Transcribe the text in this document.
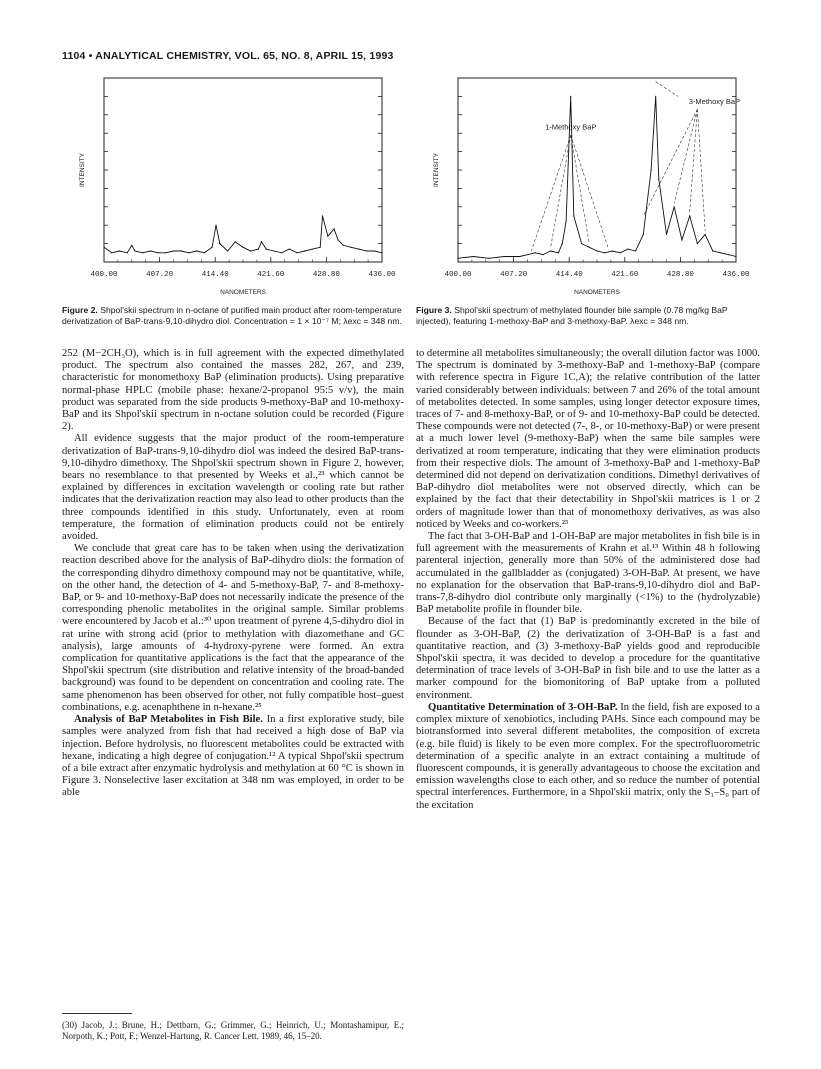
1104 • ANALYTICAL CHEMISTRY, VOL. 65, NO. 8, APRIL 15, 1993
400.00	407.20	414.40	421.60	428.80	436.00
NANOMETERS
INTENSITY
Figure 2. Shpol'skii spectrum in n-octane of purified main product after room-temperature derivatization of BaP-trans-9,10-dihydro diol. Concentration = 1 × 10⁻⁷ M; λexc = 348 nm.
400.00	407.20	414.40	421.60	428.80	436.00
NANOMETERS
INTENSITY
1-Methoxy BaP
3-Methoxy BaP
Figure 3. Shpol'skii spectrum of methylated flounder bile sample (0.78 mg/kg BaP injected), featuring 1-methoxy-BaP and 3-methoxy-BaP. λexc = 348 nm.

252 (M−2CH₃O), which is in full agreement with the expected dimethylated product. The spectrum also contained the masses 282, 267, and 239, characteristic for monomethoxy BaP (elimination products). Using preparative normal-phase HPLC (mobile phase: hexane/2-propanol 95:5 v/v), the main product was separated from the side products 9-methoxy-BaP and 10-methoxy-BaP and its Shpol'skii spectrum in n-octane solution could be recorded (Figure 2).

All evidence suggests that the major product of the room-temperature derivatization of BaP-trans-9,10-dihydro diol was indeed the desired BaP-trans-9,10-dihydro dimethoxy. The Shpol'skii spectrum shown in Figure 2, however, bears no resemblance to that presented by Weeks et al.,²³ which cannot be explained by differences in excitation wavelength or cooling rate but rather indicates that the derivatization reaction may also lead to other products than the three compounds identified in this study. Unfortunately, even at room temperature, the formation of elimination products could not be entirely avoided.

We conclude that great care has to be taken when using the derivatization reaction described above for the analysis of BaP-dihydro diols: the formation of the corresponding dihydro dimethoxy compound may not be quantitative, while, on the other hand, the detection of 4- and 5-methoxy-BaP, 7- and 8-methoxy-BaP, or 9- and 10-methoxy-BaP does not necessarily indicate the presence of the corresponding phenolic metabolites in the original sample. Similar problems were encountered by Jacob et al.:³⁰ upon treatment of pyrene 4,5-dihydro diol in rat urine with strong acid (prior to methylation with diazomethane and GC analysis), large amounts of 4-hydroxy-pyrene were formed. An extra complication for quantitative applications is the fact that the appearance of the Shpol'skii spectrum (site distribution and relative intensity of the broad-banded background) was found to be dependent on concentration and cooling rate. The same phenomenon has been observed for other, not fully compatible host–guest combinations, e.g. acenaphthene in n-hexane.²⁵

Analysis of BaP Metabolites in Fish Bile. In a first explorative study, bile samples were analyzed from fish that had received a high dose of BaP via injection. Before hydrolysis, no fluorescent metabolites could be extracted with hexane, indicating a high degree of conjugation.¹² A typical Shpol'skii spectrum of a bile extract after enzymatic hydrolysis and methylation at 60 °C is shown in Figure 3. Nonselective laser excitation at 348 nm was employed, in order to be able

(30) Jacob, J.; Brune, H.; Dettbarn, G.; Grimmer, G.; Heinrich, U.; Montashamipur, E.; Norpoth, K.; Pott, F.; Wenzel-Hartung, R. Cancer Lett. 1989, 46, 15–20.

to determine all metabolites simultaneously; the overall dilution factor was 1000. The spectrum is dominated by 3-methoxy-BaP and 1-methoxy-BaP (compare with reference spectra in Figure 1C,A); the relative contribution of the latter varied considerably between individuals: between 7 and 26% of the total amount of metabolites detected. In some samples, using longer detector exposure times, traces of 7- and 8-methoxy-BaP, or of 9- and 10-methoxy-BaP could be detected. These compounds were not detected (7-, 8-, or 10-methoxy-BaP) or were present at a much lower level (9-methoxy-BaP) when the same bile samples were derivatized at room temperature, indicating that they were elimination products from their respective diols. The amount of 3-methoxy-BaP and 1-methoxy-BaP determined did not depend on derivatization conditions. Dimethyl derivatives of BaP-dihydro diol metabolites were not observed directly, which can be explained by the fact that their detectability in Shpol'skii matrices is 1 or 2 orders of magnitude lower than that of monomethoxy derivatives, as was also noticed by Weeks and co-workers.²³

The fact that 3-OH-BaP and 1-OH-BaP are major metabolites in fish bile is in full agreement with the measurements of Krahn et al.¹³ Within 48 h following parenteral injection, generally more than 50% of the administered dose had accumulated in the gallbladder as (conjugated) 3-OH-BaP. At present, we have no explanation for the observation that BaP-trans-9,10-dihydro diol and BaP-trans-7,8-dihydro diol contribute only marginally (<1%) to the (hydrolyzable) BaP metabolite profile in flounder bile.

Because of the fact that (1) BaP is predominantly excreted in the bile of flounder as 3-OH-BaP, (2) the derivatization of 3-OH-BaP is a fast and quantitative reaction, and (3) 3-methoxy-BaP yields good and reproducible Shpol'skii spectra, it was decided to develop a procedure for the quantitative determination of trace levels of 3-OH-BaP in fish bile and to use the latter as a marker compound for the biomonitoring of BaP uptake from a polluted environment.

Quantitative Determination of 3-OH-BaP. In the field, fish are exposed to a complex mixture of xenobiotics, including PAHs. Since each compound may be biotransformed into several different metabolites, the composition of excreta (e.g. bile fluid) is likely to be even more complex. For the spectrofluorometric determination of a specific analyte in an extract containing a multitude of fluorescent compounds, it is generally advantageous to choose the excitation and emission wavelengths close to each other, and so reduce the number of potential spectral interferences. Furthermore, in a Shpol'skii matrix, only the S₁–S₀ part of the excitation
